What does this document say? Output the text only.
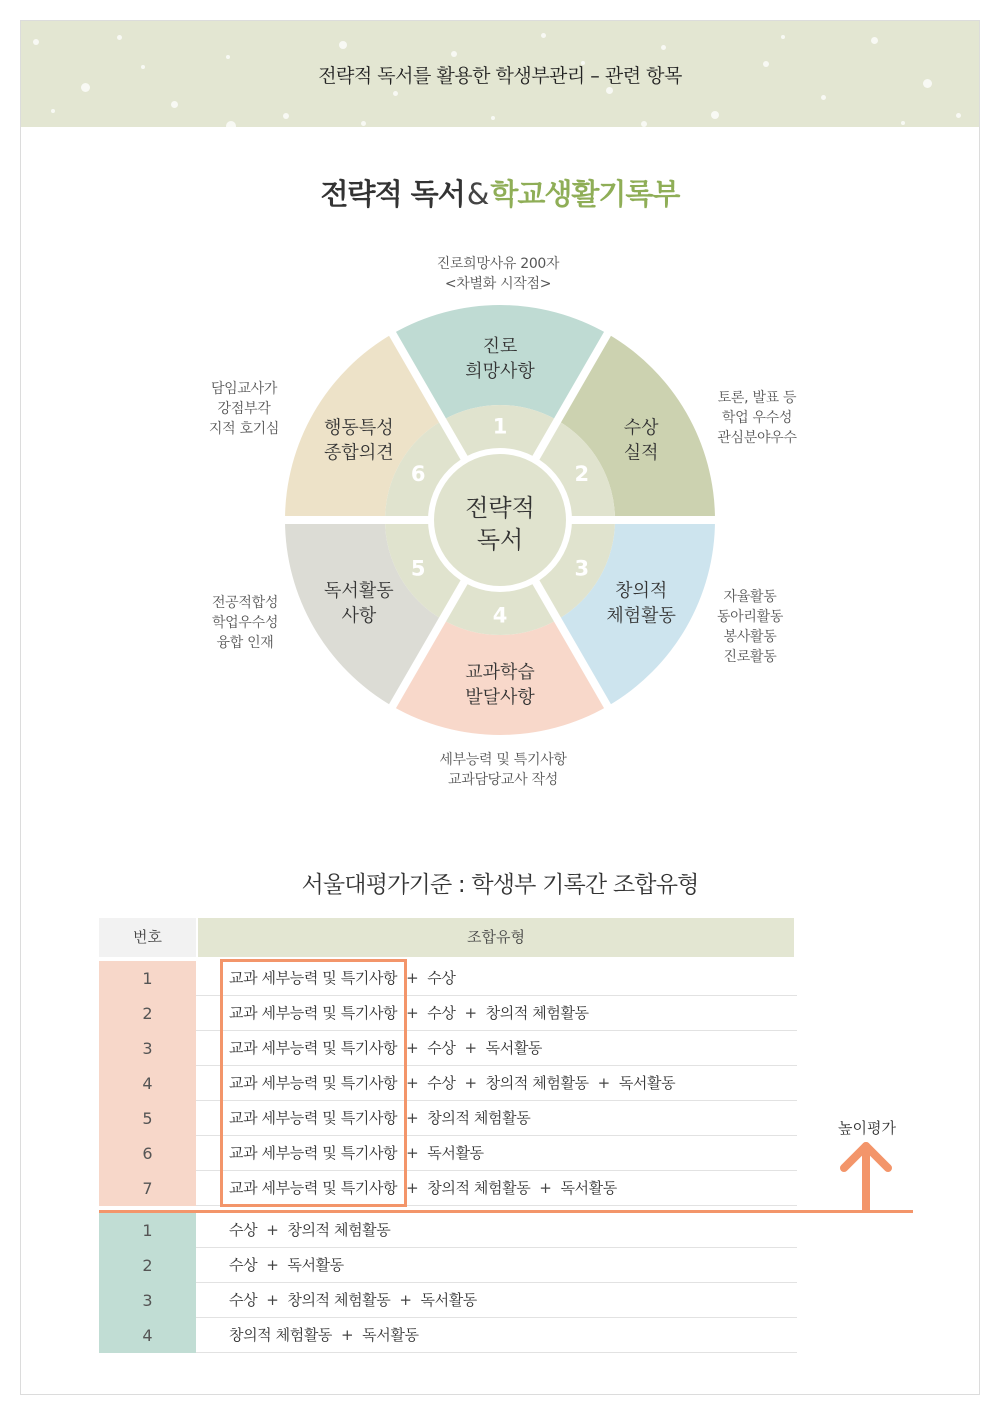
전략적 독서를 활용한 학생부관리 – 관련 항목
전략적 독서&학교생활기록부
전략적
독서
1
진로
희망사항
2
수상
실적
3
창의적
체험활동
4
교과학습
발달사항
5
독서활동
사항
6
행동특성
종합의견
진로희망사유 200자
<차별화 시작점>
토론, 발표 등
학업 우수성
관심분야우수
자율활동
동아리활동
봉사활동
진로활동
세부능력 및 특기사항
교과담당교사 작성
전공적합성
학업우수성
융합 인재
담임교사가
강점부각
지적 호기심
서울대평가기준 : 학생부 기록간 조합유형
번호	조합유형
1	교과 세부능력 및 특기사항 + 수상
2	교과 세부능력 및 특기사항 + 수상 + 창의적 체험활동
3	교과 세부능력 및 특기사항 + 수상 + 독서활동
4	교과 세부능력 및 특기사항 + 수상 + 창의적 체험활동 + 독서활동
5	교과 세부능력 및 특기사항 + 창의적 체험활동
6	교과 세부능력 및 특기사항 + 독서활동
7	교과 세부능력 및 특기사항 + 창의적 체험활동 + 독서활동
1	수상 + 창의적 체험활동
2	수상 + 독서활동
3	수상 + 창의적 체험활동 + 독서활동
4	창의적 체험활동 + 독서활동
높이평가
